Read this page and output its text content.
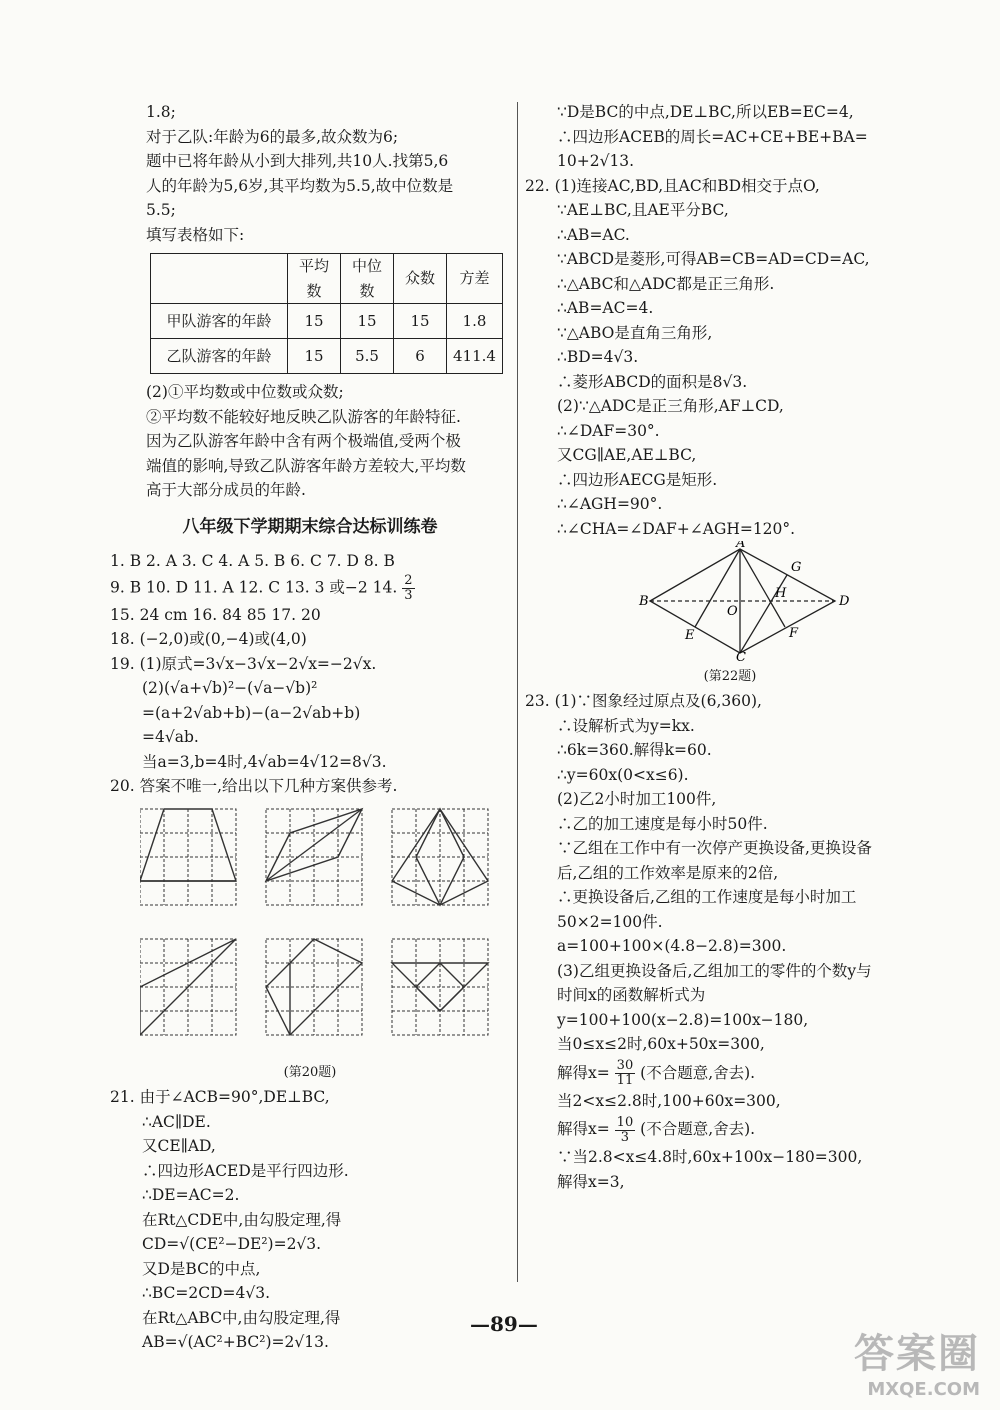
1.8;
对于乙队:年龄为6的最多,故众数为6;
题中已将年龄从小到大排列,共10人.找第5,6
人的年龄为5,6岁,其平均数为5.5,故中位数是
5.5;
填写表格如下:
	平均数	中位数	众数	方差
甲队游客的年龄	15	15	15	1.8
乙队游客的年龄	15	5.5	6	411.4
(2)①平均数或中位数或众数;
②平均数不能较好地反映乙队游客的年龄特征.
因为乙队游客年龄中含有两个极端值,受两个极
端值的影响,导致乙队游客年龄方差较大,平均数
高于大部分成员的年龄.
八年级下学期期末综合达标训练卷
1. B 2. A 3. C 4. A 5. B 6. C 7. D 8. B
9. B 10. D 11. A 12. C 13. 3 或−2 14. $\frac{2}{3}$
15. 24 cm 16. 84 85 17. 20
18. (−2,0)或(0,−4)或(4,0)
19. (1)原式=3√x−3√x−2√x=−2√x.
(2)(√a+√b)²−(√a−√b)²
=(a+2√ab+b)−(a−2√ab+b)
=4√ab.
当a=3,b=4时,4√ab=4√12=8√3.
20. 答案不唯一,给出以下几种方案供参考.
(第20题)
21. 由于∠ACB=90°,DE⊥BC,
∴AC∥DE.
又CE∥AD,
∴四边形ACED是平行四边形.
∴DE=AC=2.
在Rt△CDE中,由勾股定理,得
CD=√(CE²−DE²)=2√3.
又D是BC的中点,
∴BC=2CD=4√3.
在Rt△ABC中,由勾股定理,得
AB=√(AC²+BC²)=2√13.
∵D是BC的中点,DE⊥BC,所以EB=EC=4,
∴四边形ACEB的周长=AC+CE+BE+BA=
10+2√13.
22. (1)连接AC,BD,且AC和BD相交于点O,
∵AE⊥BC,且AE平分BC,
∴AB=AC.
∵ABCD是菱形,可得AB=CB=AD=CD=AC,
∴△ABC和△ADC都是正三角形.
∴AB=AC=4.
∵△ABO是直角三角形,
∴BD=4√3.
∴菱形ABCD的面积是8√3.
(2)∵△ADC是正三角形,AF⊥CD,
∴∠DAF=30°.
又CG∥AE,AE⊥BC,
∴四边形AECG是矩形.
∴∠AGH=90°.
∴∠CHA=∠DAF+∠AGH=120°.
B
A
D
C
E	F
G
H
O
(第22题)
23. (1)∵图象经过原点及(6,360),
∴设解析式为y=kx.
∴6k=360.解得k=60.
∴y=60x(0<x≤6).
(2)乙2小时加工100件,
∴乙的加工速度是每小时50件.
∵乙组在工作中有一次停产更换设备,更换设备
后,乙组的工作效率是原来的2倍,
∴更换设备后,乙组的工作速度是每小时加工
50×2=100件.
a=100+100×(4.8−2.8)=300.
(3)乙组更换设备后,乙组加工的零件的个数y与
时间x的函数解析式为
y=100+100(x−2.8)=100x−180,
当0≤x≤2时,60x+50x=300,
解得$x= \frac{30}{11}$ (不合题意,舍去).
当2<x≤2.8时,100+60x=300,
解得$x= \frac{10}{3}$ (不合题意,舍去).
∵当2.8<x≤4.8时,60x+100x−180=300,
解得x=3,
—89—
答案圈
MXQE.COM
